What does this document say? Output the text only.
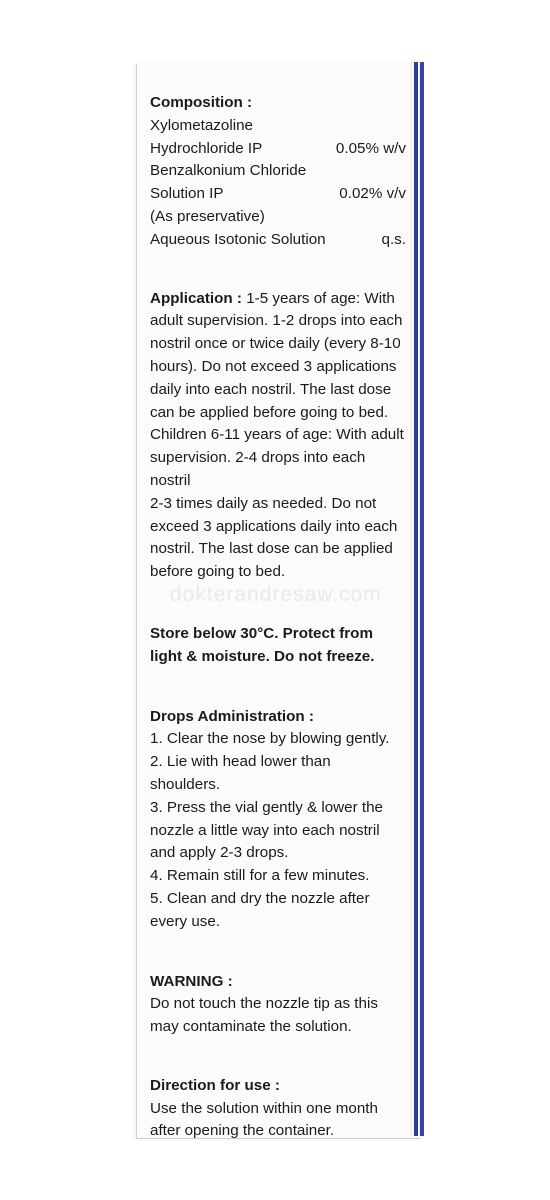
dokterandresaw.com
Composition :
Xylometazoline
Hydrochloride IP	0.05% w/v
Benzalkonium Chloride
Solution IP	0.02% v/v
(As preservative)
Aqueous Isotonic Solution	q.s.
Application : 1-5 years of age: With
adult supervision. 1-2 drops into each
nostril once or twice daily (every 8-10
hours). Do not exceed 3 applications
daily into each nostril. The last dose
can be applied before going to bed.
Children 6-11 years of age: With adult
supervision. 2-4 drops into each nostril
2-3 times daily as needed. Do not
exceed 3 applications daily into each
nostril. The last dose can be applied
before going to bed.
Store below 30°C. Protect from
light & moisture. Do not freeze.
Drops Administration :
1. Clear the nose by blowing gently.
2. Lie with head lower than
shoulders.
3. Press the vial gently & lower the
nozzle a little way into each nostril
and apply 2-3 drops.
4. Remain still for a few minutes.
5. Clean and dry the nozzle after
every use.
WARNING :
Do not touch the nozzle tip as this
may contaminate the solution.
Direction for use :
Use the solution within one month
after opening the container.
